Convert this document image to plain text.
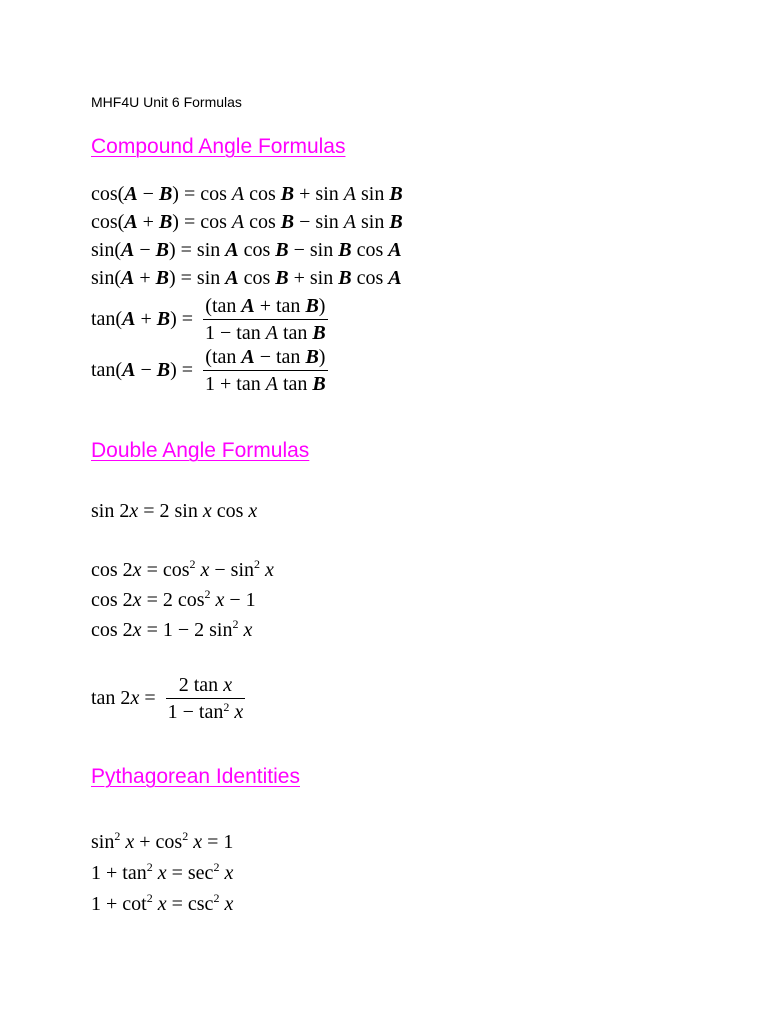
MHF4U Unit 6 Formulas
Compound Angle Formulas
cos(A − B) = cos A cos B + sin A sin B
cos(A + B) = cos A cos B − sin A sin B
sin(A − B) = sin A cos B − sin B cos A
sin(A + B) = sin A cos B + sin B cos A
$\tan(A + B) = \frac{\text{(tan A + tan B)}}{\text{1 − tan A tan B}}$
$\tan(A - B) = \frac{\text{(tan A − tan B)}}{\text{1 + tan A tan B}}$
Double Angle Formulas
sin 2x = 2 sin x cos x
$\cos 2x = \cos^2 x - \sin^2 x$
cos 2x = 2 $\cos^2 x - 1$
cos 2x = 1 − 2 $\sin^2 x$
$\tan 2x = \frac{\text{2 tan x}}{1 - \tan^2 x}$
Pythagorean Identities
$\sin^2 x + \cos^2 x = 1$
$1 + \tan^2 x = \sec^2 x$
$1 + \cot^2 x = \csc^2 x$
